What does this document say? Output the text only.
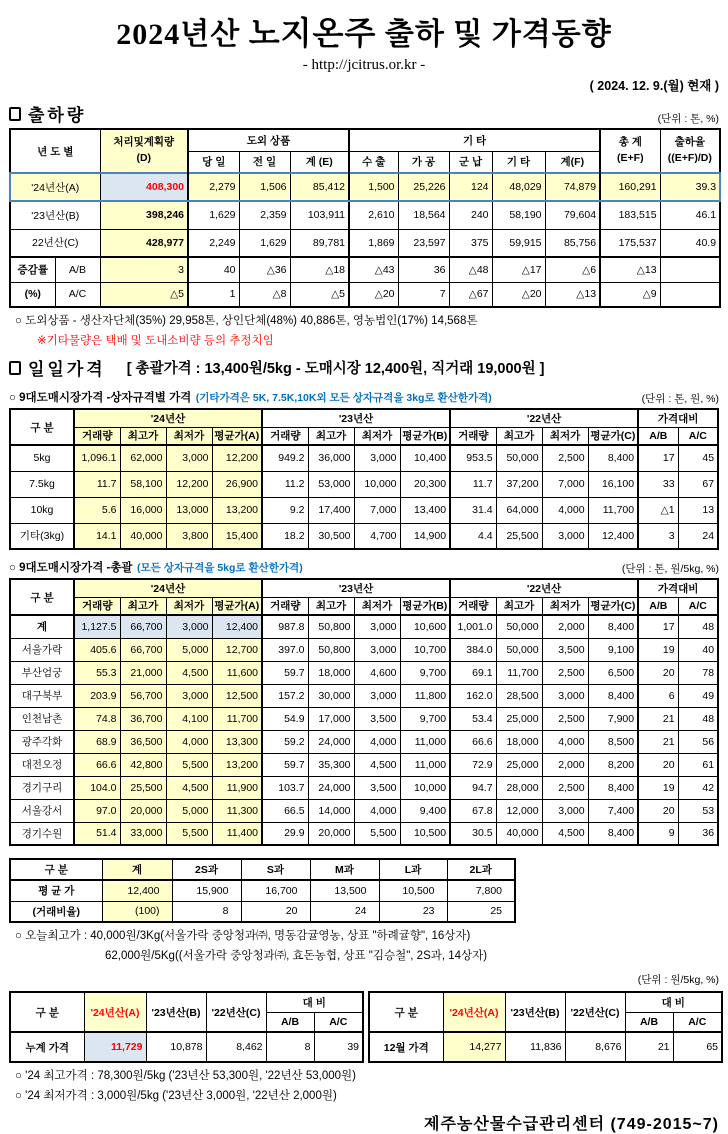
2024년산 노지온주 출하 및 가격동향
- http://jcitrus.or.kr -
( 2024. 12. 9.(월) 현재 )
출하량	(단위 : 톤, %)
년 도 별	
처리및계획량
(D)
	도외 상품	기 타	총 계
(E+F)

출하율
((E+F)/D)

			당 일	전 일	계 (E)	수 출	가 공	군 납	기 타	계(F)		
'24년산(A)		408,300	2,279	1,506	85,412	1,500	25,226	124	48,029	74,879	160,291	39.3
'23년산(B)		398,246	1,629	2,359	103,911	2,610	18,564	240	58,190	79,604	183,515	46.1
22년산(C)		428,977	2,249	1,629	89,781	1,869	23,597	375	59,915	85,756	175,537	40.9
증감률	A/B	3	40	△36	△18	△43	36	△48	△17	△6	△13	
(%)	A/C	△5	1	△8	△5	△20	7	△67	△20	△13	△9	
○ 도외상품 - 생산자단체(35%) 29,958톤, 상인단체(48%) 40,886톤, 영농법인(17%) 14,568톤
※기타물량은 택배 및 도내소비량 등의 추정치임
일일가격 [ 총괄가격 : 13,400원/5kg - 도매시장 12,400원, 직거래 19,000원 ]
○ 9대도매시장가격 -상자규격별 가격 (기타가격은 5K, 7.5K,10K외 모든 상자규격을 3kg로 환산한가격)	(단위 : 톤, 원, %)
구 분	'24년산				'23년산				'22년산				가격대비	
	거래량	최고가	최저가	평균가(A)	거래량	최고가	최저가	평균가(B)	거래량	최고가	최저가	평균가(C)	A/B	A/C
5kg	1,096.1	62,000	3,000	12,200	949.2	36,000	3,000	10,400	953.5	50,000	2,500	8,400	17	45
7.5kg	11.7	58,100	12,200	26,900	11.2	53,000	10,000	20,300	11.7	37,200	7,000	16,100	33	67
10kg	5.6	16,000	13,000	13,200	9.2	17,400	7,000	13,400	31.4	64,000	4,000	11,700	△1	13
기타(3kg)	14.1	40,000	3,800	15,400	18.2	30,500	4,700	14,900	4.4	25,500	3,000	12,400	3	24
○ 9대도매시장가격 -총괄 (모든 상자규격을 5kg로 환산한가격)	(단위 : 톤, 원/5kg, %)
구 분	'24년산				'23년산				'22년산				가격대비	
	거래량	최고가	최저가	평균가(A)	거래량	최고가	최저가	평균가(B)	거래량	최고가	최저가	평균가(C)	A/B	A/C
계	1,127.5	66,700	3,000	12,400	987.8	50,800	3,000	10,600	1,001.0	50,000	2,000	8,400	17	48
서울가락	405.6	66,700	5,000	12,700	397.0	50,800	3,000	10,700	384.0	50,000	3,500	9,100	19	40
부산엄궁	55.3	21,000	4,500	11,600	59.7	18,000	4,600	9,700	69.1	11,700	2,500	6,500	20	78
대구북부	203.9	56,700	3,000	12,500	157.2	30,000	3,000	11,800	162.0	28,500	3,000	8,400	6	49
인천남촌	74.8	36,700	4,100	11,700	54.9	17,000	3,500	9,700	53.4	25,000	2,500	7,900	21	48
광주각화	68.9	36,500	4,000	13,300	59.2	24,000	4,000	11,000	66.6	18,000	4,000	8,500	21	56
대전오정	66.6	42,800	5,500	13,200	59.7	35,300	4,500	11,000	72.9	25,000	2,000	8,200	20	61
경기구리	104.0	25,500	4,500	11,900	103.7	24,000	3,500	10,000	94.7	28,000	2,500	8,400	19	42
서울강서	97.0	20,000	5,000	11,300	66.5	14,000	4,000	9,400	67.8	12,000	3,000	7,400	20	53
경기수원	51.4	33,000	5,500	11,400	29.9	20,000	5,500	10,500	30.5	40,000	4,500	8,400	9	36
구 분	계	2S과	S과	M과	L과	2L과
평 균 가	12,400	15,900	16,700	13,500	10,500	7,800
(거래비율)	(100)	8	20	24	23	25
○ 오늘최고가 : 40,000원/3Kg(서울가락 중앙청과㈜, 명동감귤영농, 상표 "하례귤향", 16상자)
62,000원/5Kg((서울가락 중앙청과㈜, 효돈농협, 상표 "김승철", 2S과, 14상자)
(단위 : 원/5kg, %)
구 분	'24년산(A)	'23년산(B)	'22년산(C)	대 비	
				A/B	A/C
누계 가격	11,729	10,878	8,462	8	39
구 분	'24년산(A)	'23년산(B)	'22년산(C)	대 비	
				A/B	A/C
12월 가격	14,277	11,836	8,676	21	65
○ '24 최고가격 : 78,300원/5kg ('23년산 53,300원, '22년산 53,000원)
○ '24 최저가격 : 3,000원/5kg ('23년산 3,000원, '22년산 2,000원)
제주농산물수급관리센터 (749-2015~7)
